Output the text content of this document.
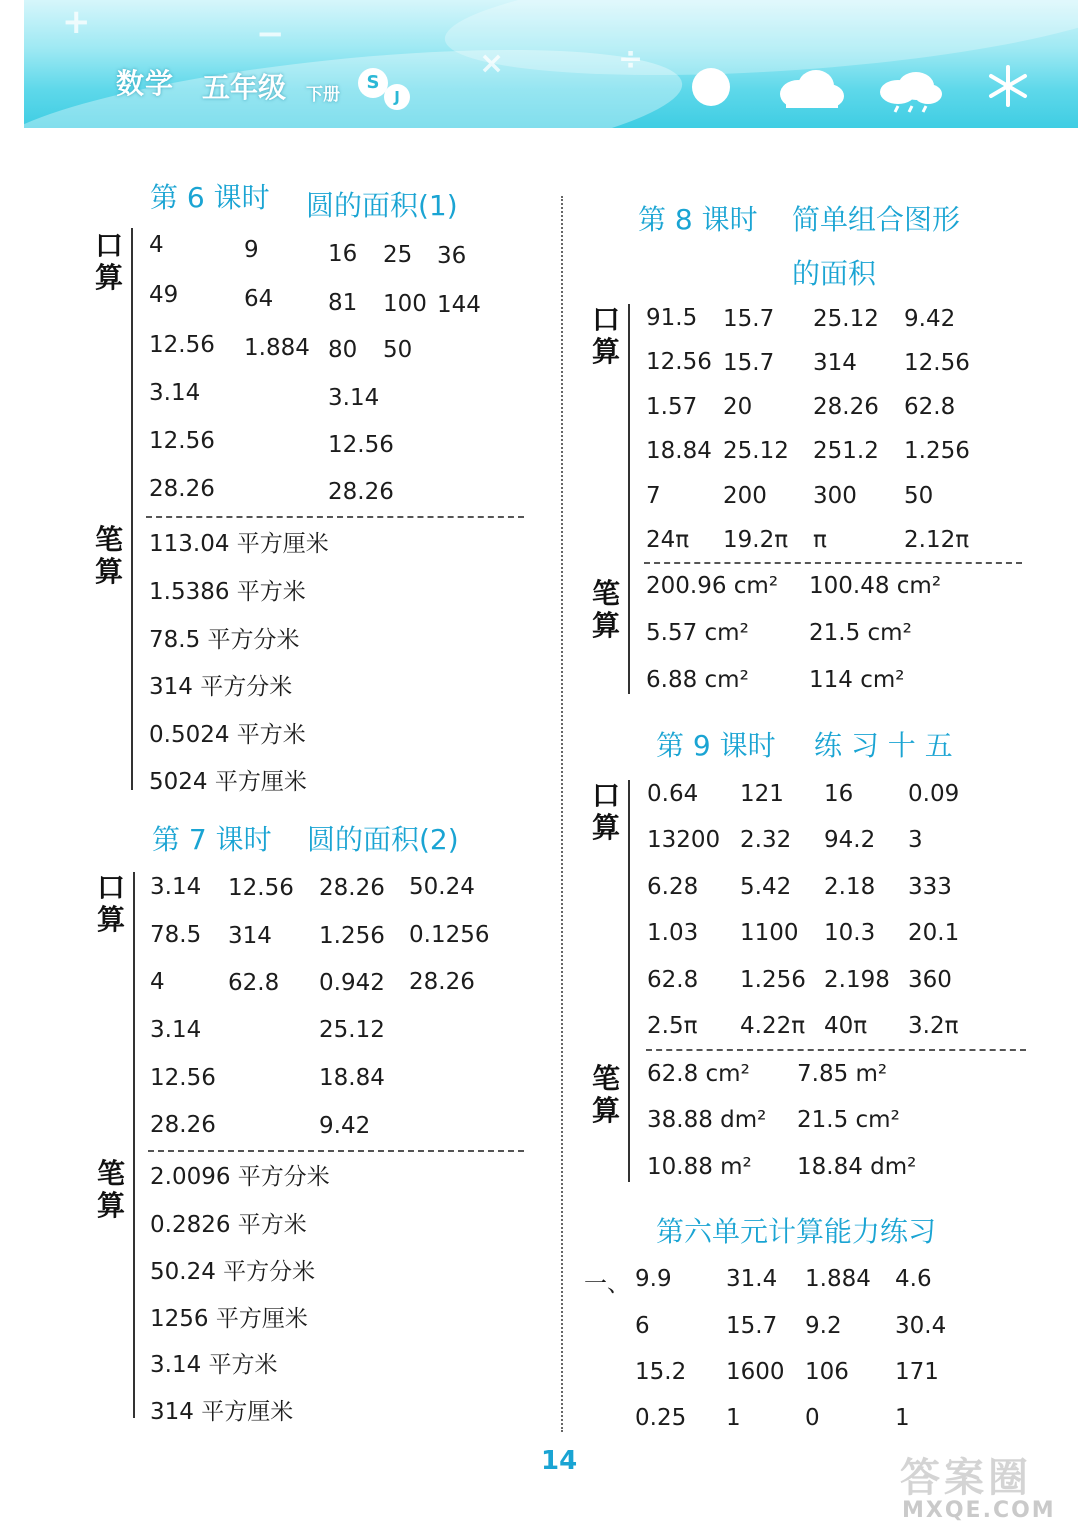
+	−
×	÷
数学 五年级 下册
S
J
第 6 课时 圆的面积(1)
口
算
4	9	16 25 36
49	64 81 100 144
12.56 1.884 80 50
3.14	3.14
12.56	12.56
28.26	28.26
笔
算
113.04 平方厘米
1.5386 平方米
78.5 平方分米
314 平方分米
0.5024 平方米
5024 平方厘米
第 7 课时 圆的面积(2)
口
算
3.14 12.56 28.26 50.24
78.5 314 1.256 0.1256
4	62.8 0.942 28.26
3.14	25.12
12.56	18.84
28.26	9.42
笔
算
2.0096 平方分米
0.2826 平方米
50.24 平方分米
1256 平方厘米
3.14 平方米
314 平方厘米
第 8 课时 简单组合图形
的面积
口
算
91.5 15.7 25.12 9.42
12.56 15.7 314 12.56
1.57 20	28.26 62.8
18.84 25.12 251.2 1.256
7	200 300 50
24π 19.2π π	2.12π
笔
算
200.96 cm² 100.48 cm²
5.57 cm²	21.5 cm²
6.88 cm²	114 cm²
第 9 课时 练 习 十 五
口
算
0.64 121 16 0.09
13200 2.32 94.2 3
6.28 5.42 2.18 333
1.03 1100 10.3 20.1
62.8 1.256 2.198 360
2.5π 4.22π 40π 3.2π
笔
算
62.8 cm² 7.85 m²
38.88 dm² 21.5 cm²
10.88 m² 18.84 dm²
第六单元计算能力练习
一、 9.9 31.4 1.884 4.6
6	15.7 9.2 30.4
15.2 1600 106 171
0.25 1	0	1
14	答案圈
MXQE.COM
